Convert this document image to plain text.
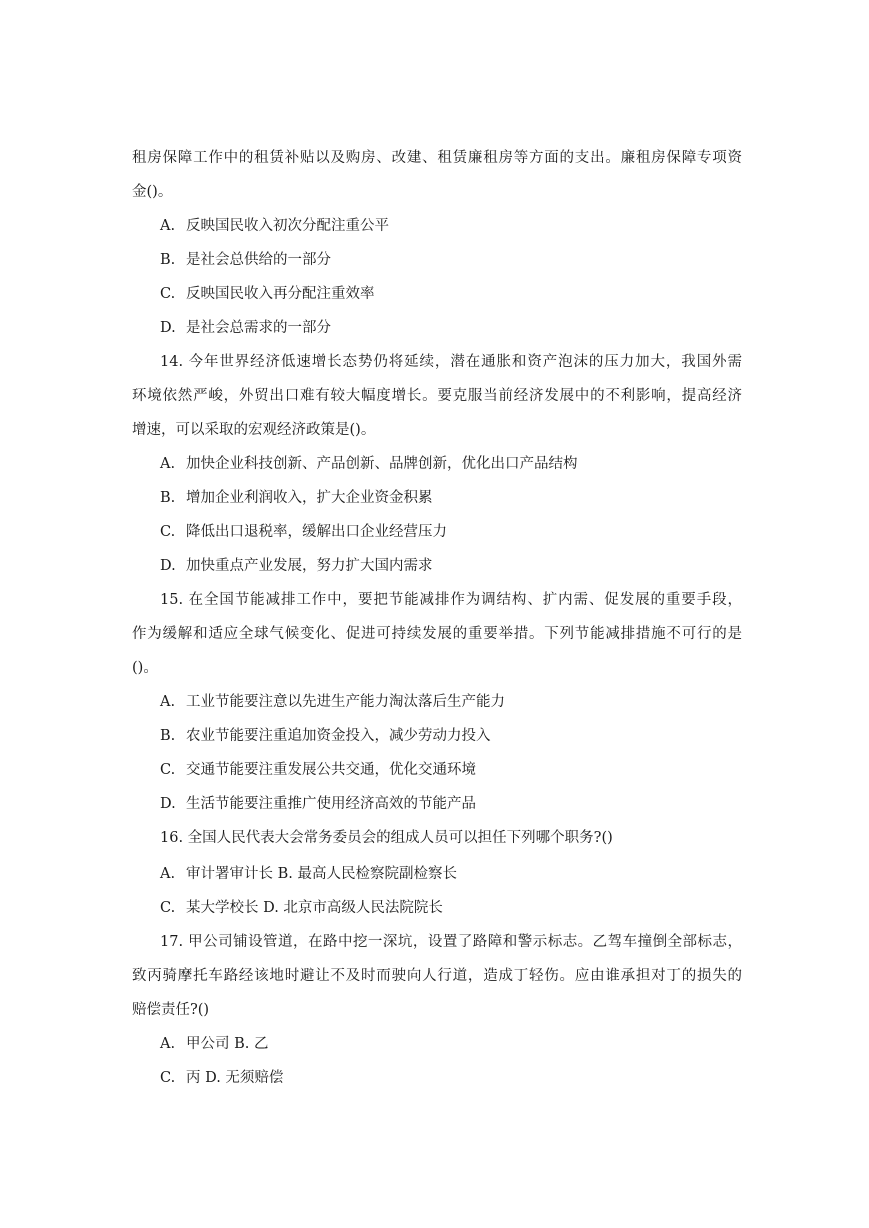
租房保障工作中的租赁补贴以及购房、改建、租赁廉租房等方面的支出。廉租房保障专项资
金()。
A. 反映国民收入初次分配注重公平
B. 是社会总供给的一部分
C. 反映国民收入再分配注重效率
D. 是社会总需求的一部分
14. 今年世界经济低速增长态势仍将延续，潜在通胀和资产泡沫的压力加大，我国外需
环境依然严峻，外贸出口难有较大幅度增长。要克服当前经济发展中的不利影响，提高经济
增速，可以采取的宏观经济政策是()。
A. 加快企业科技创新、产品创新、品牌创新，优化出口产品结构
B. 增加企业利润收入，扩大企业资金积累
C. 降低出口退税率，缓解出口企业经营压力
D. 加快重点产业发展，努力扩大国内需求
15. 在全国节能减排工作中，要把节能减排作为调结构、扩内需、促发展的重要手段，
作为缓解和适应全球气候变化、促进可持续发展的重要举措。下列节能减排措施不可行的是
()。
A. 工业节能要注意以先进生产能力淘汰落后生产能力
B. 农业节能要注重追加资金投入，减少劳动力投入
C. 交通节能要注重发展公共交通，优化交通环境
D. 生活节能要注重推广使用经济高效的节能产品
16. 全国人民代表大会常务委员会的组成人员可以担任下列哪个职务?()
A. 审计署审计长 B. 最高人民检察院副检察长
C. 某大学校长 D. 北京市高级人民法院院长
17. 甲公司铺设管道，在路中挖一深坑，设置了路障和警示标志。乙驾车撞倒全部标志，
致丙骑摩托车路经该地时避让不及时而驶向人行道，造成丁轻伤。应由谁承担对丁的损失的
赔偿责任?()
A. 甲公司 B. 乙
C. 丙 D. 无须赔偿
